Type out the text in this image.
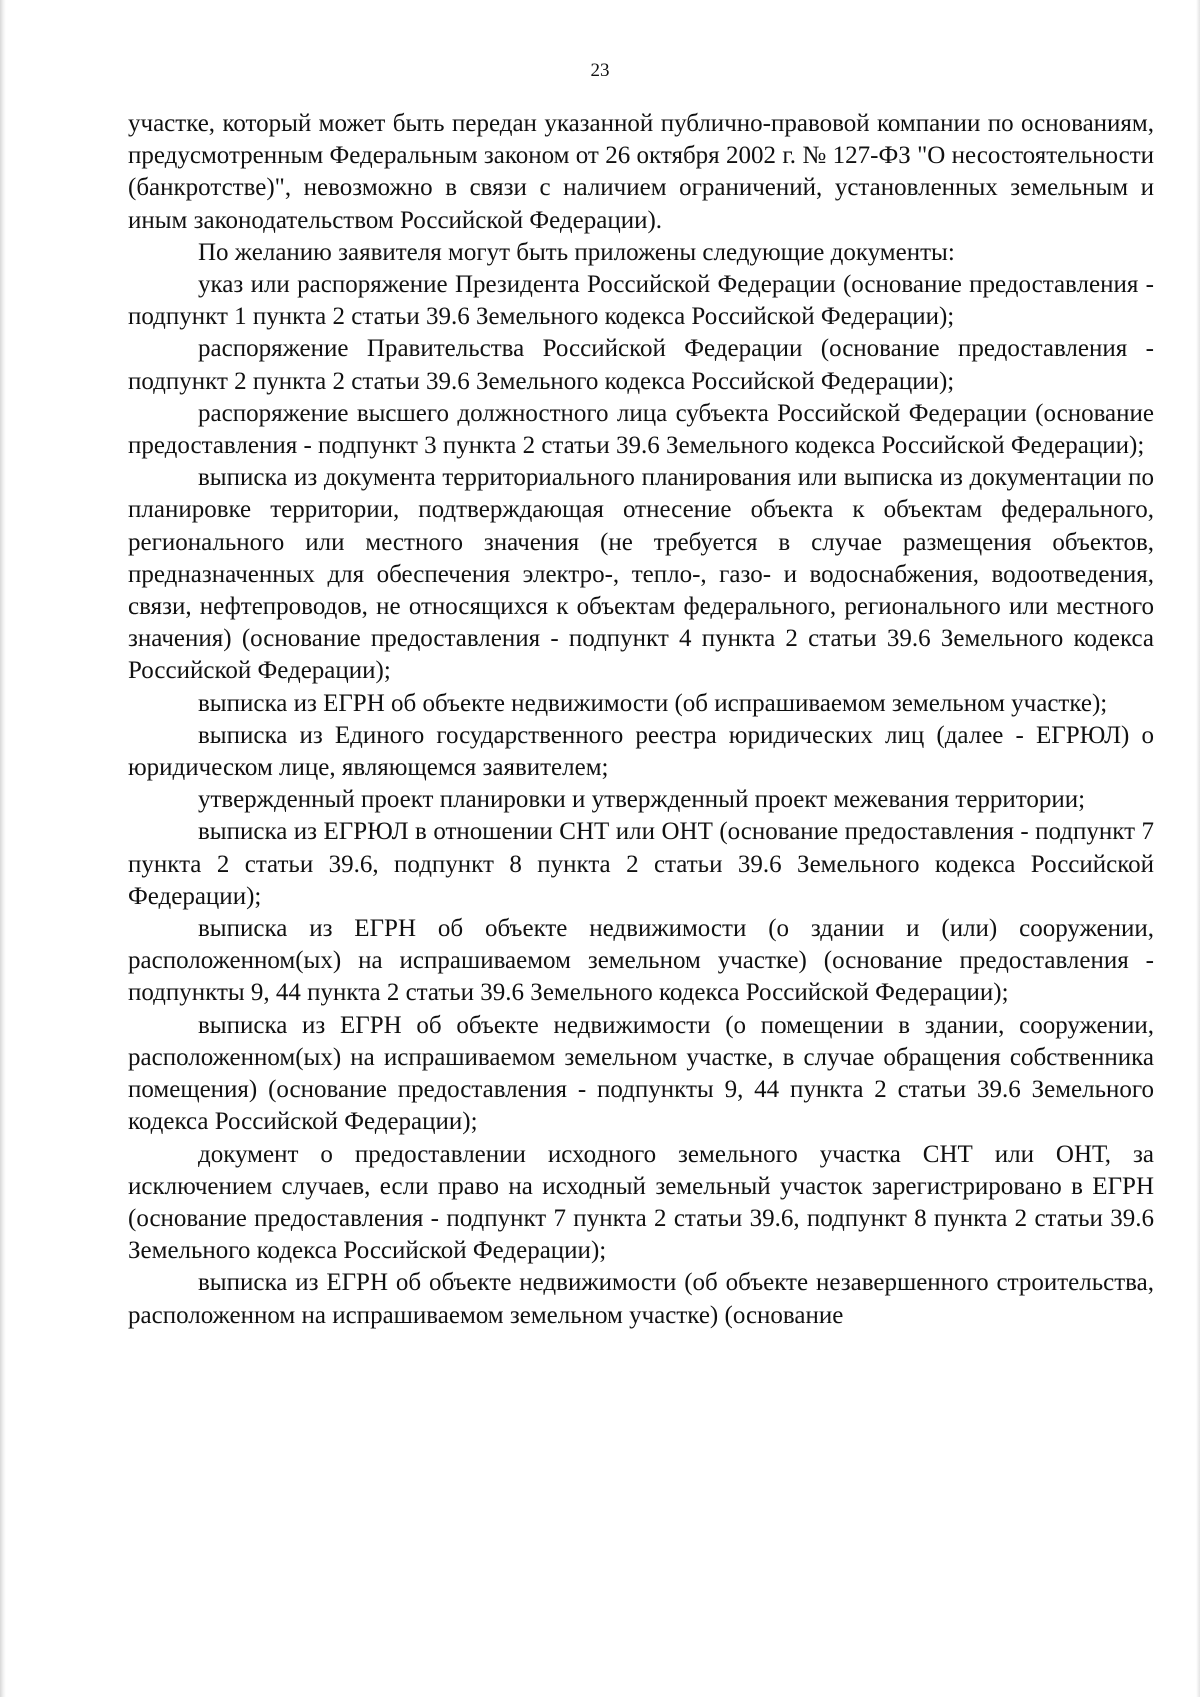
23

участке, который может быть передан указанной публично-правовой компании по основаниям, предусмотренным Федеральным законом от 26 октября 2002 г. № 127-ФЗ "О несостоятельности (банкротстве)", невозможно в связи с наличием ограничений, установленных земельным и иным законодательством Российской Федерации).

По желанию заявителя могут быть приложены следующие документы:

указ или распоряжение Президента Российской Федерации (основание предоставления - подпункт 1 пункта 2 статьи 39.6 Земельного кодекса Российской Федерации);

распоряжение Правительства Российской Федерации (основание предоставления - подпункт 2 пункта 2 статьи 39.6 Земельного кодекса Российской Федерации);

распоряжение высшего должностного лица субъекта Российской Федерации (основание предоставления - подпункт 3 пункта 2 статьи 39.6 Земельного кодекса Российской Федерации);

выписка из документа территориального планирования или выписка из документации по планировке территории, подтверждающая отнесение объекта к объектам федерального, регионального или местного значения (не требуется в случае размещения объектов, предназначенных для обеспечения электро-, тепло-, газо- и водоснабжения, водоотведения, связи, нефтепроводов, не относящихся к объектам федерального, регионального или местного значения) (основание предоставления - подпункт 4 пункта 2 статьи 39.6 Земельного кодекса Российской Федерации);

выписка из ЕГРН об объекте недвижимости (об испрашиваемом земельном участке);

выписка из Единого государственного реестра юридических лиц (далее - ЕГРЮЛ) о юридическом лице, являющемся заявителем;

утвержденный проект планировки и утвержденный проект межевания территории;

выписка из ЕГРЮЛ в отношении СНТ или ОНТ (основание предоставления - подпункт 7 пункта 2 статьи 39.6, подпункт 8 пункта 2 статьи 39.6 Земельного кодекса Российской Федерации);

выписка из ЕГРН об объекте недвижимости (о здании и (или) сооружении, расположенном(ых) на испрашиваемом земельном участке) (основание предоставления - подпункты 9, 44 пункта 2 статьи 39.6 Земельного кодекса Российской Федерации);

выписка из ЕГРН об объекте недвижимости (о помещении в здании, сооружении, расположенном(ых) на испрашиваемом земельном участке, в случае обращения собственника помещения) (основание предоставления - подпункты 9, 44 пункта 2 статьи 39.6 Земельного кодекса Российской Федерации);

документ о предоставлении исходного земельного участка СНТ или ОНТ, за исключением случаев, если право на исходный земельный участок зарегистрировано в ЕГРН (основание предоставления - подпункт 7 пункта 2 статьи 39.6, подпункт 8 пункта 2 статьи 39.6 Земельного кодекса Российской Федерации);

выписка из ЕГРН об объекте недвижимости (об объекте незавершенного строительства, расположенном на испрашиваемом земельном участке) (основание
